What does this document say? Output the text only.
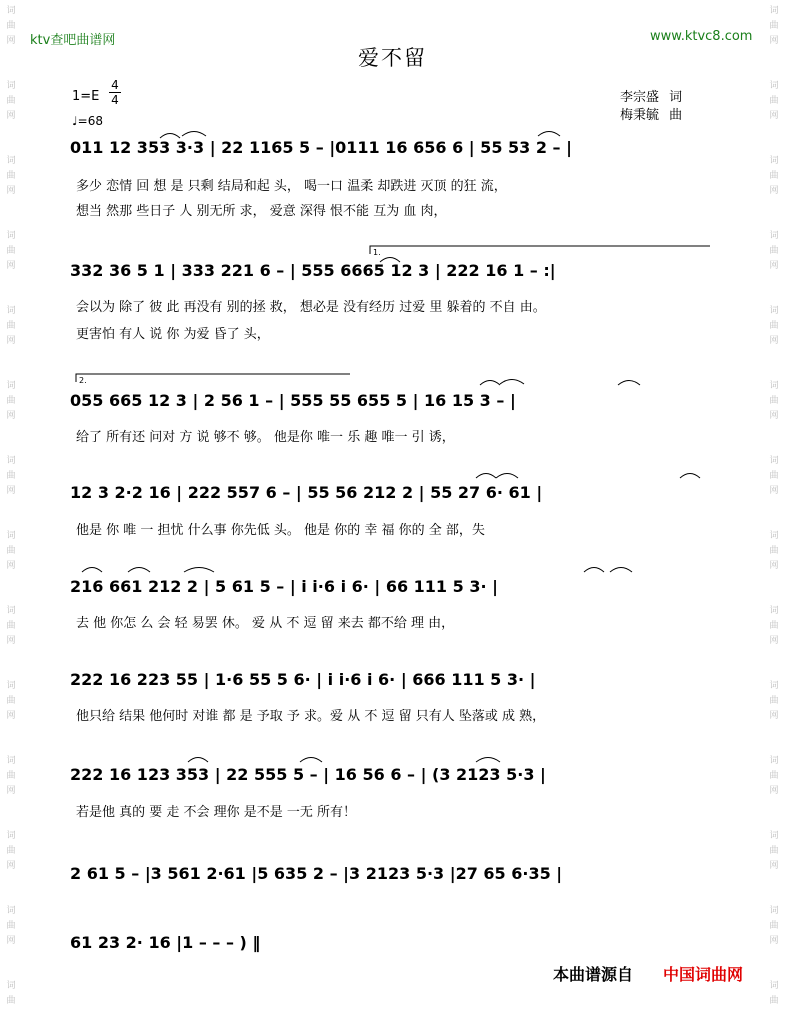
词
曲
网
词
曲
网
词
曲
网
词
曲
网
词
曲
网
词
曲
网
词
曲
网
词
曲
网
词
曲
网
词
曲
网
词
曲
网
词
曲
网
词
曲
网
词
曲
词
曲
网
词
曲
网
词
曲
网
词
曲
网
词
曲
网
词
曲
网
词
曲
网
词
曲
网
词
曲
网
词
曲
网
词
曲
网
词
曲
网
词
曲
网
词
曲
ktv查吧曲谱网	www.ktvc8.com
爱不留
1=E
4
4
♩=68
李宗盛 词
梅秉毓 曲
011 12 353 3·3 | 22 1165 5 – |0111 16 656 6 | 55 53 2 – |
多少 恋情 回 想 是 只剩 结局和起 头， 喝一口 温柔 却跌进 灭顶 的狂 流，
想当 然那 些日子 人 别无所 求， 爱意 深得 恨不能 互为 血 肉，
332 36 5 1 | 333 221 6 – | 555 6665 12 3 | 222 16 1 – :|
会以为 除了 彼 此 再没有 别的拯 救， 想必是 没有经历 过爱 里 躲着的 不自 由。
更害怕 有人 说 你 为爱 昏了 头，
055 665 12 3 | 2 56 1 – | 555 55 655 5 | 16 15 3 – |
给了 所有还 问对 方 说 够不 够。 他是你 唯一 乐 趣 唯一 引 诱，
12 3 2·2 16 | 222 557 6 – | 55 56 212 2 | 55 27 6· 61 |
他是 你 唯 一 担忧 什么事 你先低 头。 他是 你的 幸 福 你的 全 部，失
216 661 212 2 | 5 61 5 – | i i·6 i 6· | 66 111 5 3· |
去 他 你怎 么 会 轻 易罢 休。 爱 从 不 逗 留 来去 都不给 理 由，
222 16 223 55 | 1·6 55 5 6· | i i·6 i 6· | 666 111 5 3· |
他只给 结果 他何时 对谁 都 是 予取 予 求。爱 从 不 逗 留 只有人 坠落或 成 熟，
222 16 123 353 | 22 555 5 – | 16 56 6 – | (3 2123 5·3 |
若是他 真的 要 走 不会 理你 是不是 一无 所有！
2 61 5 – |3 561 2·61 |5 635 2 – |3 2123 5·3 |27 65 6·35 |
61 23 2· 16 |1 – – – ) ‖
1.
2.
本曲谱源自 中国词曲网
